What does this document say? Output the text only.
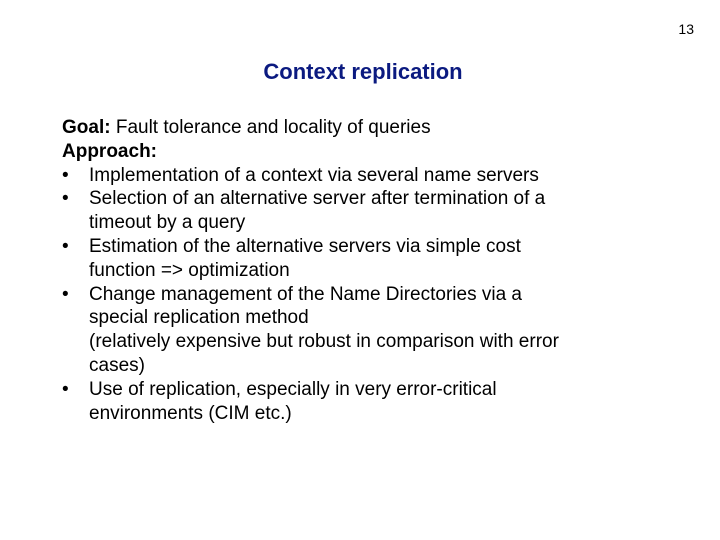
13
Context replication
Goal: Fault tolerance and locality of queries
Approach:
• Implementation of a context via several name servers
• Selection of an alternative server after termination of a
timeout by a query
• Estimation of the alternative servers via simple cost
function => optimization
• Change management of the Name Directories via a
special replication method
(relatively expensive but robust in comparison with error
cases)
• Use of replication, especially in very error-critical
environments (CIM etc.)
